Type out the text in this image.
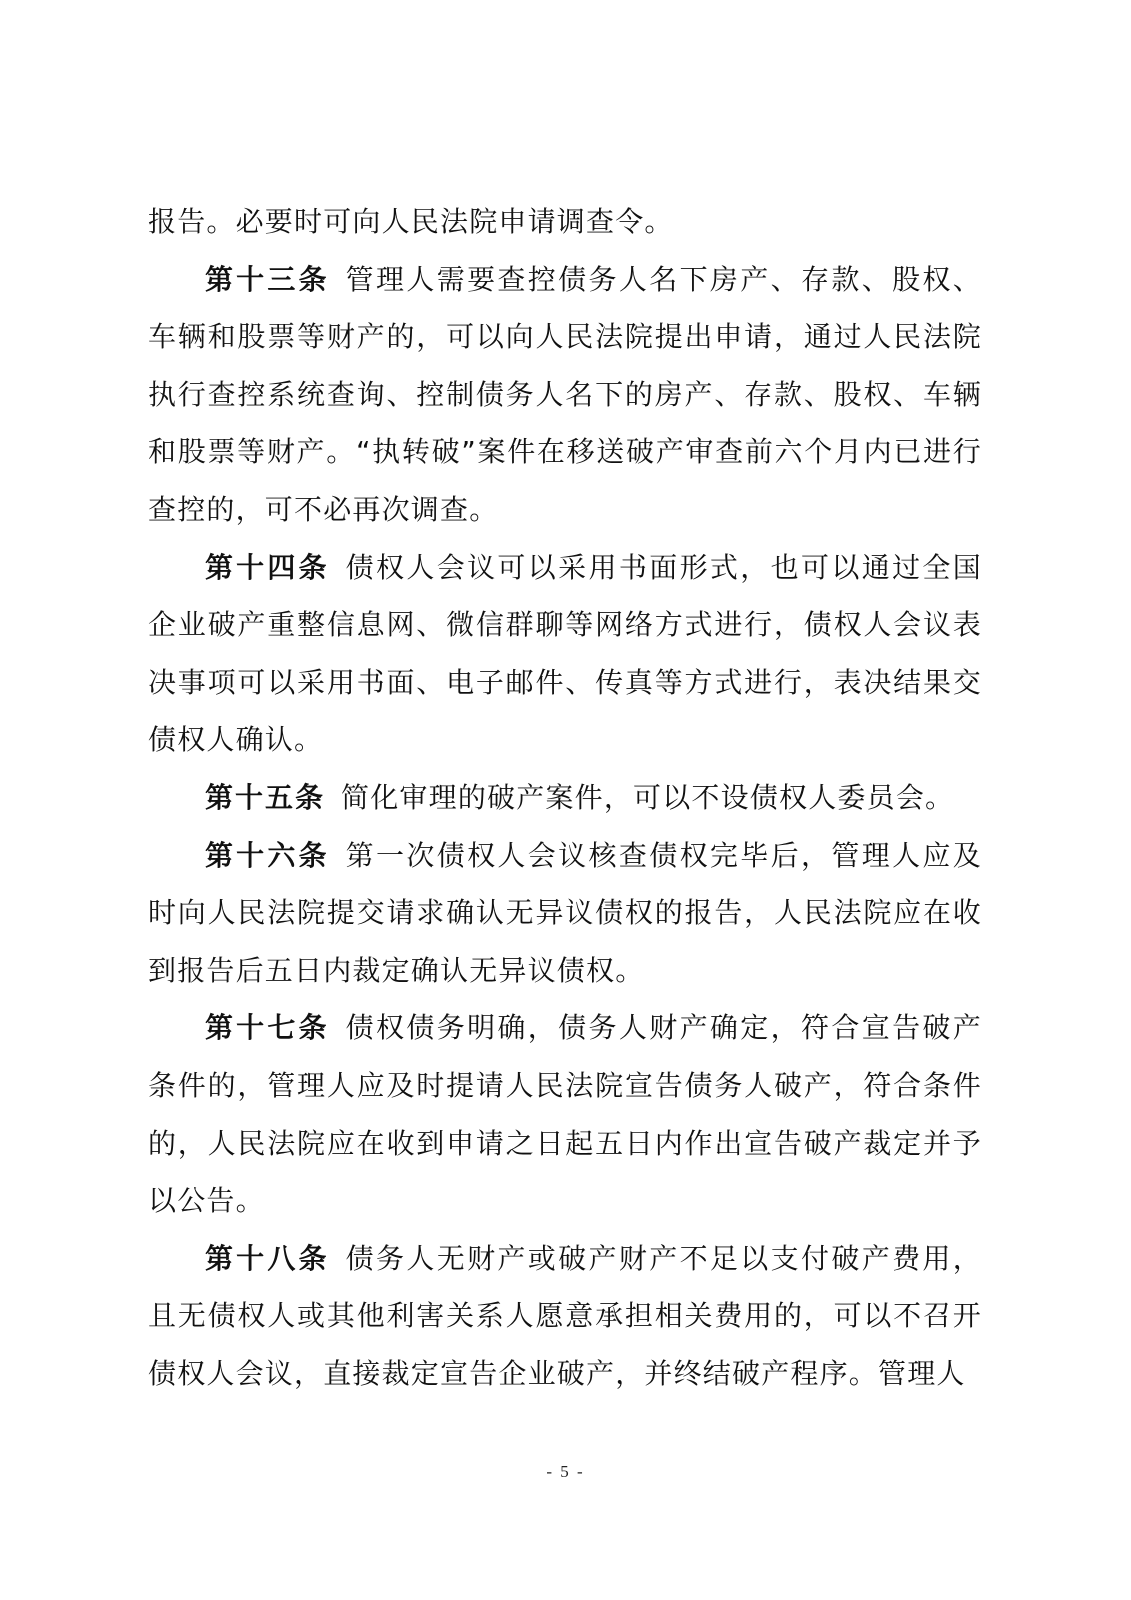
报告。必要时可向人民法院申请调查令。

第十三条 管理人需要查控债务人名下房产、存款、股权、车辆和股票等财产的，可以向人民法院提出申请，通过人民法院执行查控系统查询、控制债务人名下的房产、存款、股权、车辆和股票等财产。“执转破”案件在移送破产审查前六个月内已进行查控的，可不必再次调查。

第十四条 债权人会议可以采用书面形式，也可以通过全国企业破产重整信息网、微信群聊等网络方式进行，债权人会议表决事项可以采用书面、电子邮件、传真等方式进行，表决结果交债权人确认。

第十五条 简化审理的破产案件，可以不设债权人委员会。

第十六条 第一次债权人会议核查债权完毕后，管理人应及时向人民法院提交请求确认无异议债权的报告，人民法院应在收到报告后五日内裁定确认无异议债权。

第十七条 债权债务明确，债务人财产确定，符合宣告破产条件的，管理人应及时提请人民法院宣告债务人破产，符合条件的，人民法院应在收到申请之日起五日内作出宣告破产裁定并予以公告。

第十八条 债务人无财产或破产财产不足以支付破产费用，且无债权人或其他利害关系人愿意承担相关费用的，可以不召开债权人会议，直接裁定宣告企业破产，并终结破产程序。管理人

- 5 -
